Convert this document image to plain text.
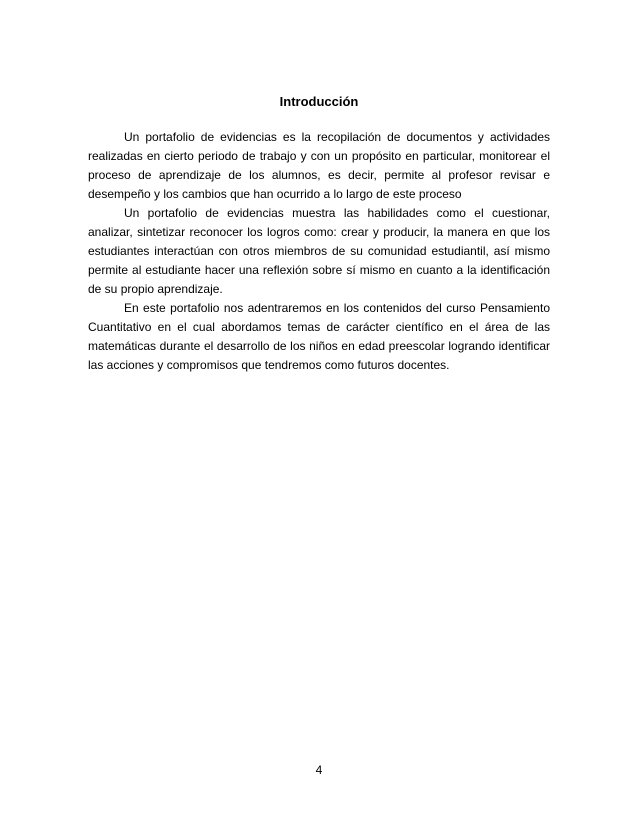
Introducción

Un portafolio de evidencias es la recopilación de documentos y actividades realizadas en cierto periodo de trabajo y con un propósito en particular, monitorear el proceso de aprendizaje de los alumnos, es decir, permite al profesor revisar e desempeño y los cambios que han ocurrido a lo largo de este proceso

Un portafolio de evidencias muestra las habilidades como el cuestionar, analizar, sintetizar reconocer los logros como: crear y producir, la manera en que los estudiantes interactúan con otros miembros de su comunidad estudiantil, así mismo permite al estudiante hacer una reflexión sobre sí mismo en cuanto a la identificación de su propio aprendizaje.

En este portafolio nos adentraremos en los contenidos del curso Pensamiento Cuantitativo en el cual abordamos temas de carácter científico en el área de las matemáticas durante el desarrollo de los niños en edad preescolar logrando identificar las acciones y compromisos que tendremos como futuros docentes.

4
